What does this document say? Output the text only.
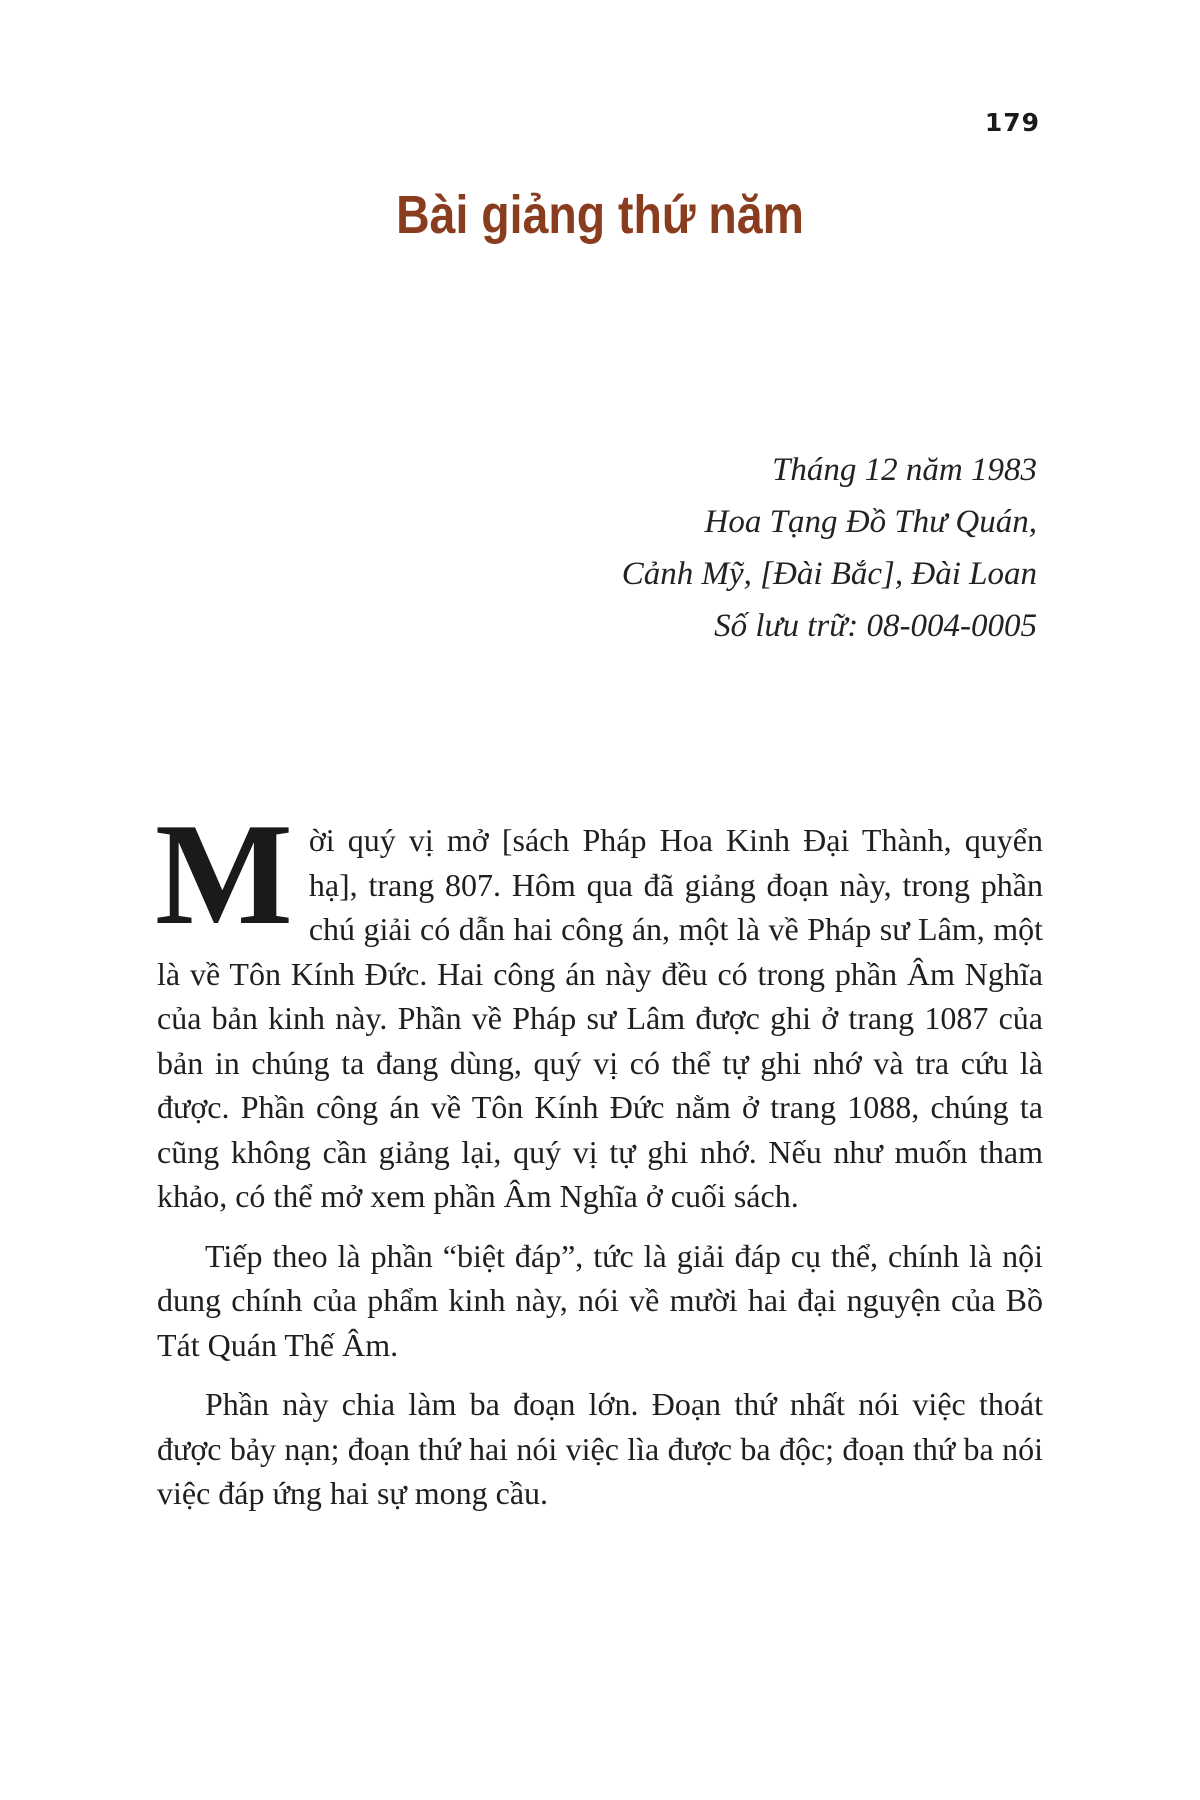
179
Bài giảng thứ năm
Tháng 12 năm 1983
Hoa Tạng Đồ Thư Quán,
Cảnh Mỹ, [Đài Bắc], Đài Loan
Số lưu trữ: 08-004-0005

Mời quý vị mở [sách Pháp Hoa Kinh Đại Thành, quyển hạ], trang 807. Hôm qua đã giảng đoạn này, trong phần chú giải có dẫn hai công án, một là về Pháp sư Lâm, một là về Tôn Kính Đức. Hai công án này đều có trong phần Âm Nghĩa của bản kinh này. Phần về Pháp sư Lâm được ghi ở trang 1087 của bản in chúng ta đang dùng, quý vị có thể tự ghi nhớ và tra cứu là được. Phần công án về Tôn Kính Đức nằm ở trang 1088, chúng ta cũng không cần giảng lại, quý vị tự ghi nhớ. Nếu như muốn tham khảo, có thể mở xem phần Âm Nghĩa ở cuối sách.

Tiếp theo là phần “biệt đáp”, tức là giải đáp cụ thể, chính là nội dung chính của phẩm kinh này, nói về mười hai đại nguyện của Bồ Tát Quán Thế Âm.

Phần này chia làm ba đoạn lớn. Đoạn thứ nhất nói việc thoát được bảy nạn; đoạn thứ hai nói việc lìa được ba độc; đoạn thứ ba nói việc đáp ứng hai sự mong cầu.
